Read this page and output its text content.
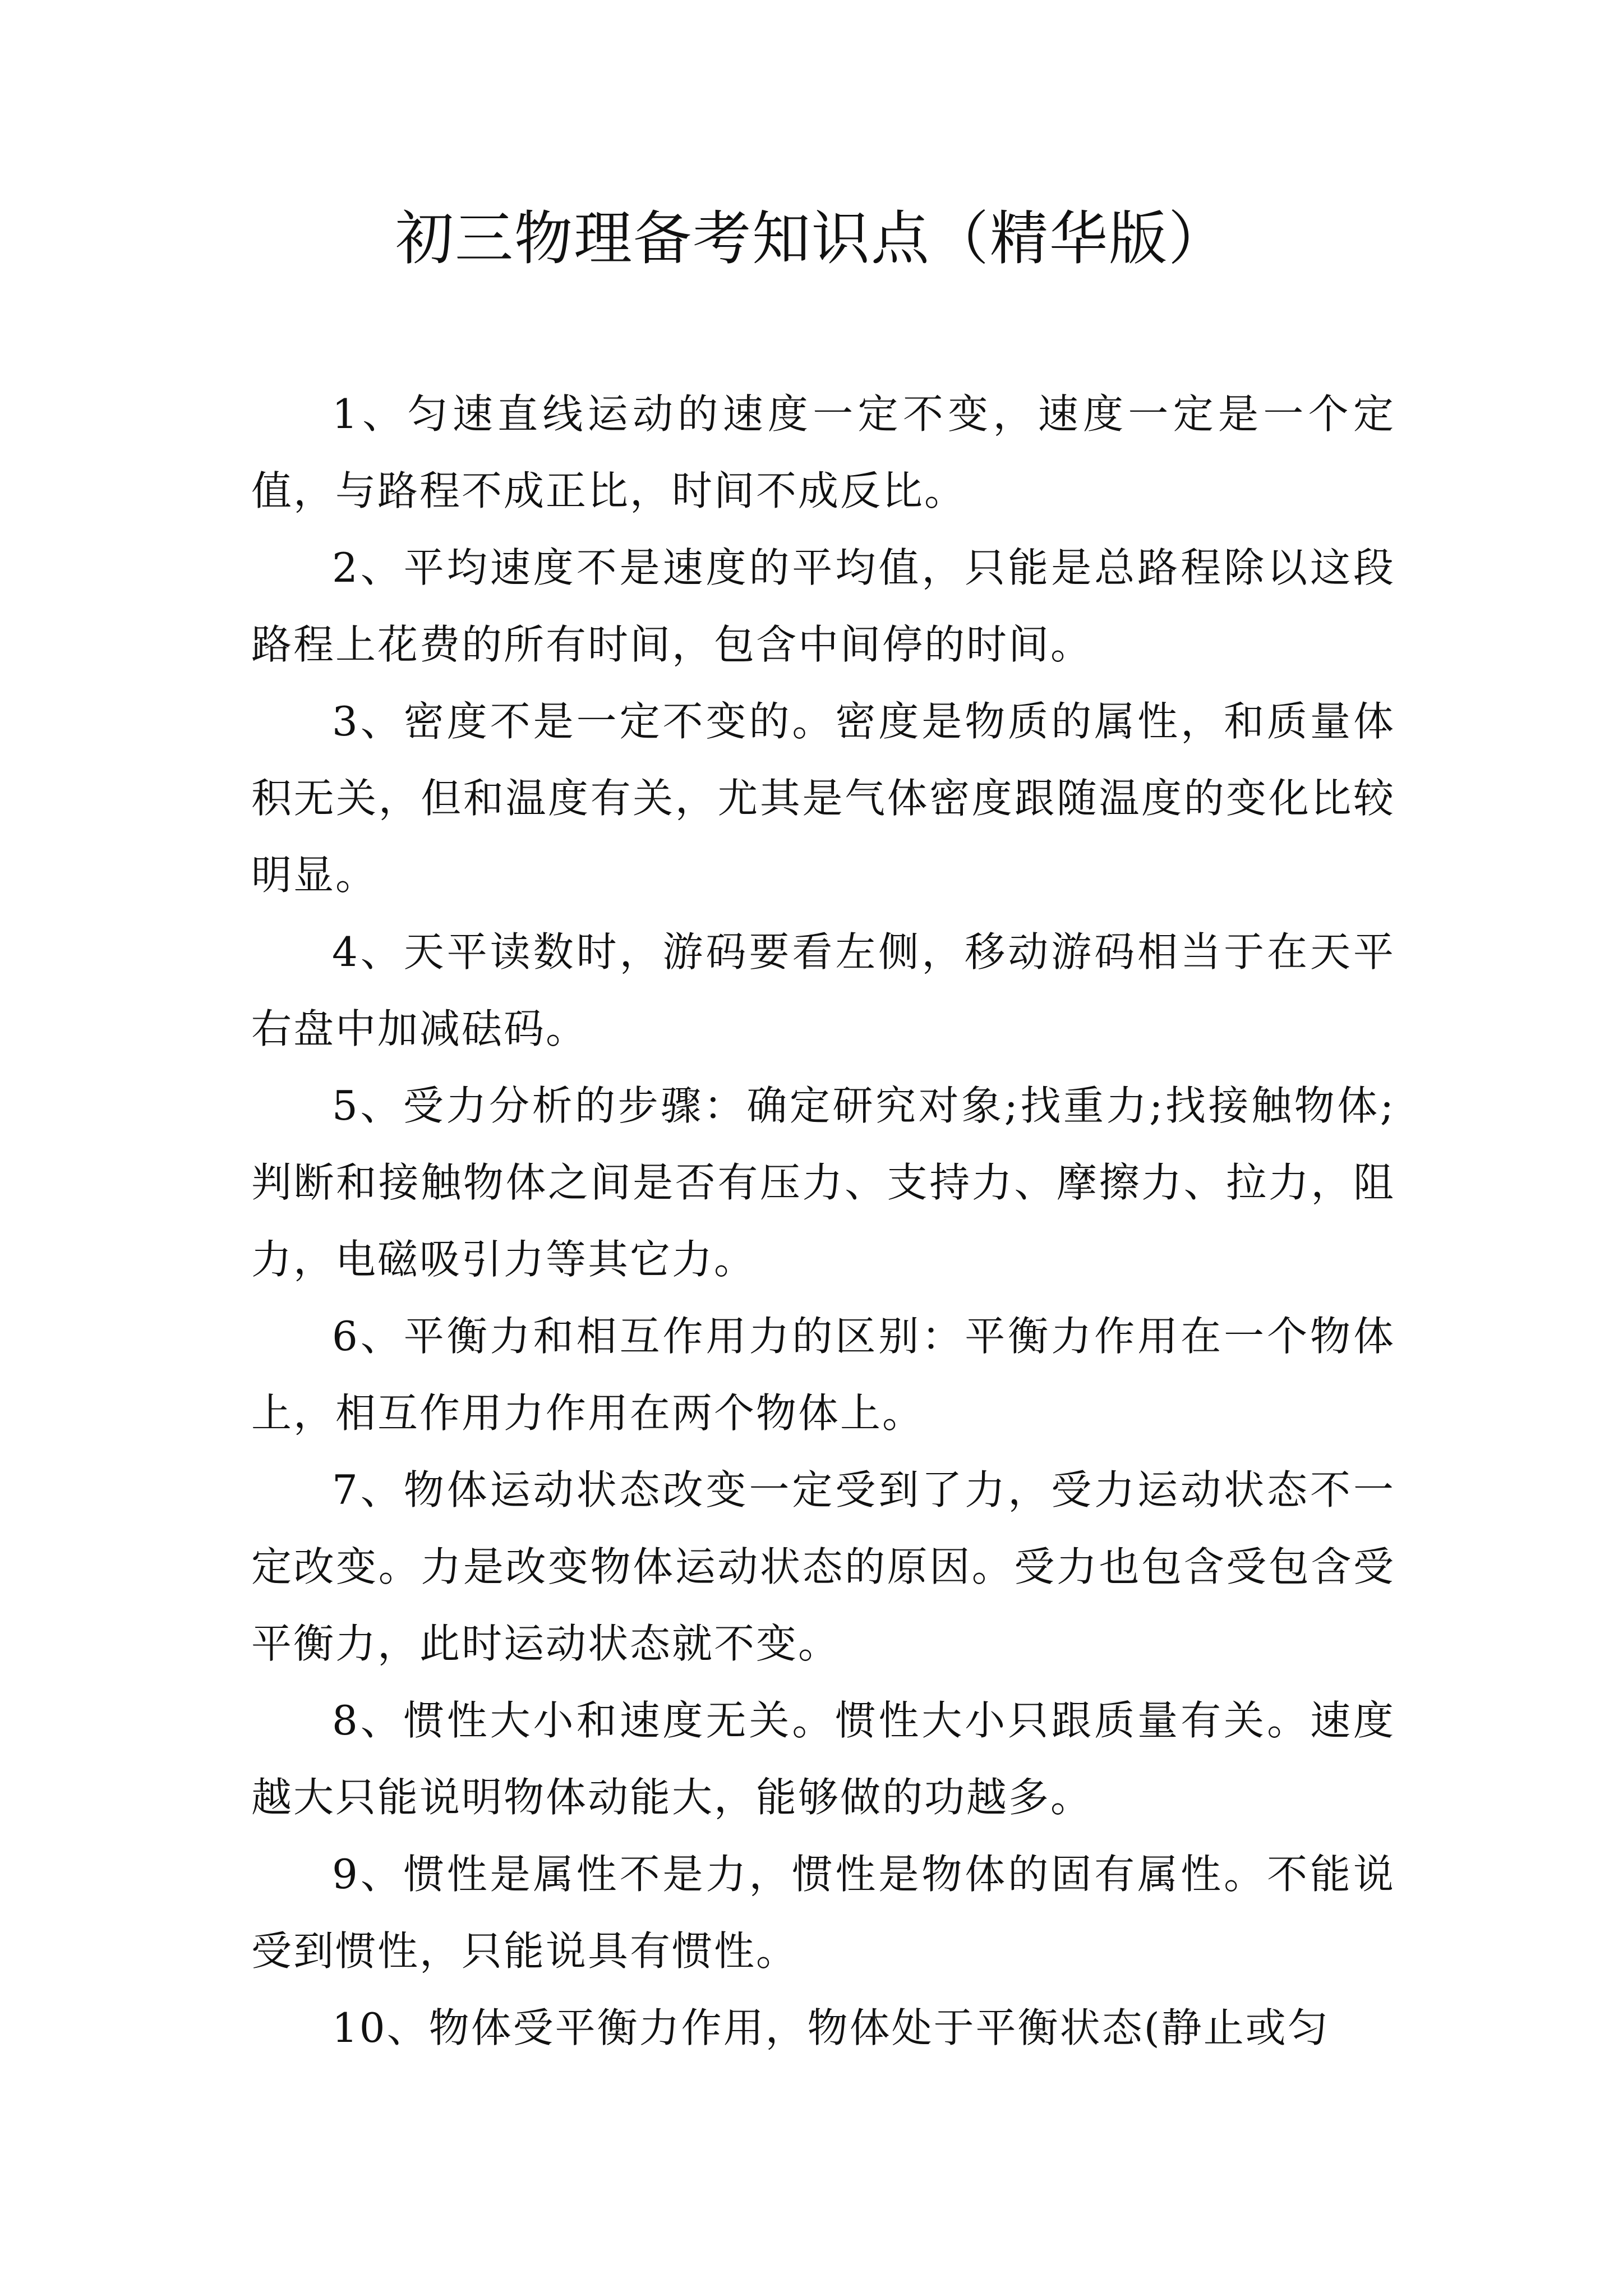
初三物理备考知识点（精华版）

1、匀速直线运动的速度一定不变，速度一定是一个定值，与路程不成正比，时间不成反比。

2、平均速度不是速度的平均值，只能是总路程除以这段路程上花费的所有时间，包含中间停的时间。

3、密度不是一定不变的。密度是物质的属性，和质量体积无关，但和温度有关，尤其是气体密度跟随温度的变化比较明显。

4、天平读数时，游码要看左侧，移动游码相当于在天平右盘中加减砝码。

5、受力分析的步骤：确定研究对象;找重力;找接触物体;判断和接触物体之间是否有压力、支持力、摩擦力、拉力，阻力，电磁吸引力等其它力。

6、平衡力和相互作用力的区别：平衡力作用在一个物体上，相互作用力作用在两个物体上。

7、物体运动状态改变一定受到了力，受力运动状态不一定改变。力是改变物体运动状态的原因。受力也包含受包含受平衡力，此时运动状态就不变。

8、惯性大小和速度无关。惯性大小只跟质量有关。速度越大只能说明物体动能大，能够做的功越多。

9、惯性是属性不是力，惯性是物体的固有属性。不能说受到惯性，只能说具有惯性。

10、物体受平衡力作用，物体处于平衡状态(静止或匀
